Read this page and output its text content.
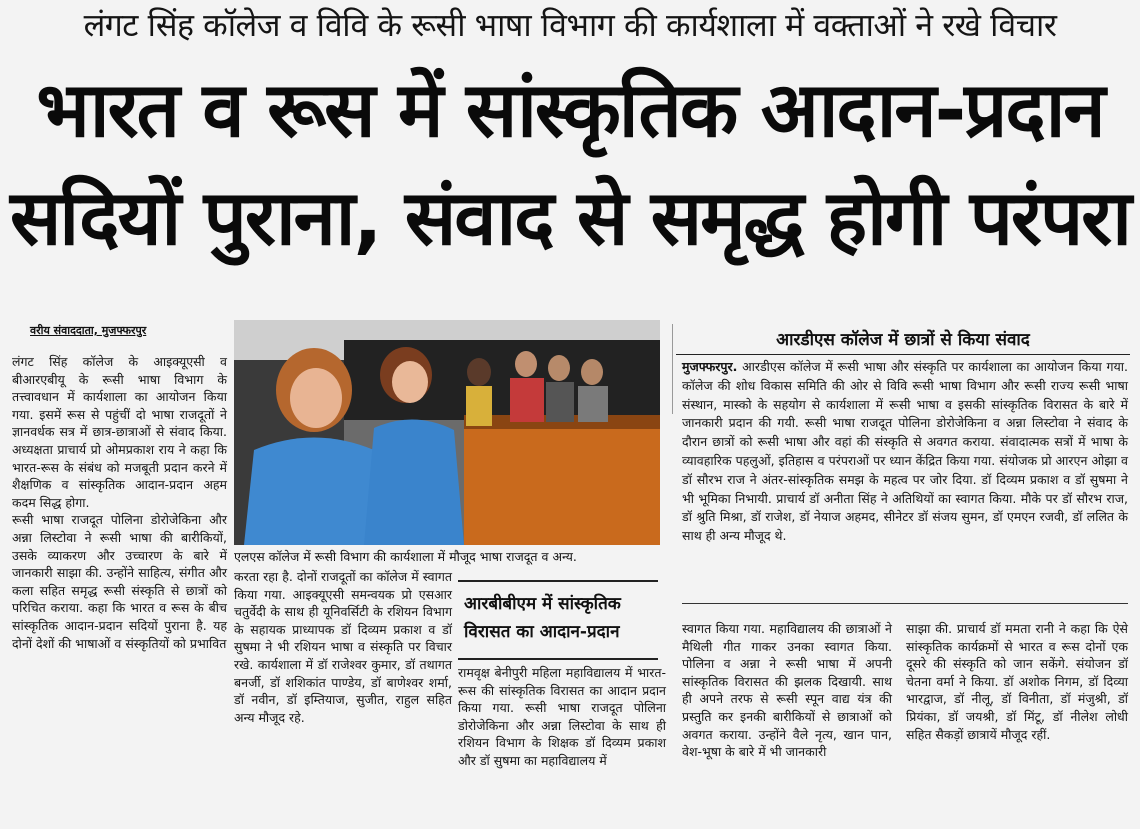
लंगट सिंह कॉलेज व विवि के रूसी भाषा विभाग की कार्यशाला में वक्ताओं ने रखे विचार
भारत व रूस में सांस्कृतिक आदान-प्रदान
सदियों पुराना, संवाद से समृद्ध होगी परंपरा
वरीय संवाददाता, मुजफ्फरपुर

लंगट सिंह कॉलेज के आइक्यूएसी व बीआरएबीयू के रूसी भाषा विभाग के तत्त्वावधान में कार्यशाला का आयोजन किया गया. इसमें रूस से पहुंचीं दो भाषा राजदूतों ने ज्ञानवर्धक सत्र में छात्र-छात्राओं से संवाद किया. अध्यक्षता प्राचार्य प्रो ओमप्रकाश राय ने कहा कि भारत-रूस के संबंध को मजबूती प्रदान करने में शैक्षणिक व सांस्कृतिक आदान-प्रदान अहम कदम सिद्ध होगा.

रूसी भाषा राजदूत पोलिना डोरोजेकिना और अन्ना लिस्टोवा ने रूसी भाषा की बारीकियों, उसके व्याकरण और उच्चारण के बारे में जानकारी साझा की. उन्होंने साहित्य, संगीत और कला सहित समृद्ध रूसी संस्कृति से छात्रों को परिचित कराया. कहा कि भारत व रूस के बीच सांस्कृतिक आदान-प्रदान सदियों पुराना है. यह दोनों देशों की भाषाओं व संस्कृतियों को प्रभावित

एलएस कॉलेज में रूसी विभाग की कार्यशाला में मौजूद भाषा राजदूत व अन्य.

करता रहा है. दोनों राजदूतों का कॉलेज में स्वागत किया गया. आइक्यूएसी समन्वयक प्रो एसआर चतुर्वेदी के साथ ही यूनिवर्सिटी के रशियन विभाग के सहायक प्राध्यापक डॉ दिव्यम प्रकाश व डॉ सुषमा ने भी रशियन भाषा व संस्कृति पर विचार रखे. कार्यशाला में डॉ राजेश्वर कुमार, डॉ तथागत बनर्जी, डॉ शशिकांत पाण्डेय, डॉ बाणेश्वर शर्मा, डॉ नवीन, डॉ इम्तियाज, सुजीत, राहुल सहित अन्य मौजूद रहे.

आरबीबीएम में सांस्कृतिक विरासत का आदान-प्रदान

रामवृक्ष बेनीपुरी महिला महाविद्यालय में भारत-रूस की सांस्कृतिक विरासत का आदान प्रदान किया गया. रूसी भाषा राजदूत पोलिना डोरोजेकिना और अन्ना लिस्टोवा के साथ ही रशियन विभाग के शिक्षक डॉ दिव्यम प्रकाश और डॉ सुषमा का महाविद्यालय में

आरडीएस कॉलेज में छात्रों से किया संवाद

मुजफ्फरपुर. आरडीएस कॉलेज में रूसी भाषा और संस्कृति पर कार्यशाला का आयोजन किया गया. कॉलेज की शोध विकास समिति की ओर से विवि रूसी भाषा विभाग और रूसी राज्य रूसी भाषा संस्थान, मास्को के सहयोग से कार्यशाला में रूसी भाषा व इसकी सांस्कृतिक विरासत के बारे में जानकारी प्रदान की गयी. रूसी भाषा राजदूत पोलिना डोरोजेकिना व अन्ना लिस्टोवा ने संवाद के दौरान छात्रों को रूसी भाषा और वहां की संस्कृति से अवगत कराया. संवादात्मक सत्रों में भाषा के व्यावहारिक पहलुओं, इतिहास व परंपराओं पर ध्यान केंद्रित किया गया. संयोजक प्रो आरएन ओझा व डॉ सौरभ राज ने अंतर-सांस्कृतिक समझ के महत्व पर जोर दिया. डॉ दिव्यम प्रकाश व डॉ सुषमा ने भी भूमिका निभायी. प्राचार्य डॉ अनीता सिंह ने अतिथियों का स्वागत किया. मौके पर डॉ सौरभ राज, डॉ श्रुति मिश्रा, डॉ राजेश, डॉ नेयाज अहमद, सीनेटर डॉ संजय सुमन, डॉ एमएन रजवी, डॉ ललित के साथ ही अन्य मौजूद थे.

स्वागत किया गया. महाविद्यालय की छात्राओं ने मैथिली गीत गाकर उनका स्वागत किया. पोलिना व अन्ना ने रूसी भाषा में अपनी सांस्कृतिक विरासत की झलक दिखायी. साथ ही अपने तरफ से रूसी स्पून वाद्य यंत्र की प्रस्तुति कर इनकी बारीकियों से छात्राओं को अवगत कराया. उन्होंने वैले नृत्य, खान पान, वेश-भूषा के बारे में भी जानकारी

साझा की. प्राचार्य डॉ ममता रानी ने कहा कि ऐसे सांस्कृतिक कार्यक्रमों से भारत व रूस दोनों एक दूसरे की संस्कृति को जान सकेंगे. संयोजन डॉ चेतना वर्मा ने किया. डॉ अशोक निगम, डॉ दिव्या भारद्वाज, डॉ नीलू, डॉ विनीता, डॉ मंजुश्री, डॉ प्रियंका, डॉ जयश्री, डॉ मिंटू, डॉ नीलेश लोधी सहित सैकड़ों छात्रायें मौजूद रहीं.
